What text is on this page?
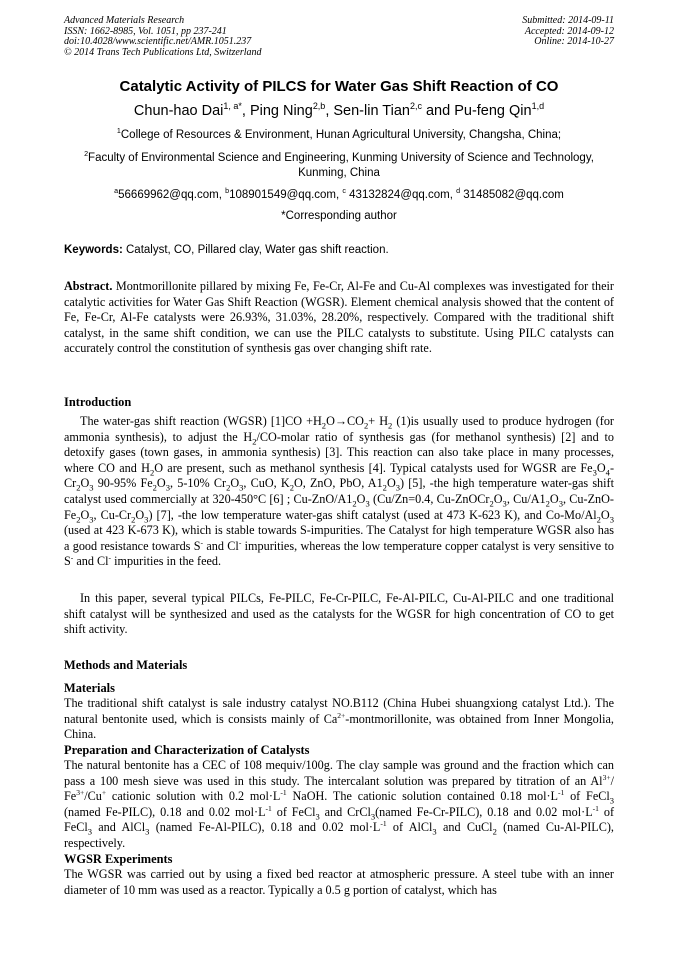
Advanced Materials Research
ISSN: 1662-8985, Vol. 1051, pp 237-241
doi:10.4028/www.scientific.net/AMR.1051.237
© 2014 Trans Tech Publications Ltd, Switzerland
Submitted: 2014-09-11
Accepted: 2014-09-12
Online: 2014-10-27
Catalytic Activity of PILCS for Water Gas Shift Reaction of CO
Chun-hao Dai$^{1, a*}$, Ping Ning$^{2,b}$, Sen-lin Tian$^{2,c}$ and Pu-feng Qin$^{1,d}$
$^1$College of Resources & Environment, Hunan Agricultural University, Changsha, China;
$^2$Faculty of Environmental Science and Engineering, Kunming University of Science and Technology, Kunming, China
$^a$56669962@qq.com, $^b$108901549@qq.com, $^c$ 43132824@qq.com, $^d$ 31485082@qq.com
*Corresponding author
Keywords: Catalyst, CO, Pillared clay, Water gas shift reaction.
Abstract. Montmorillonite pillared by mixing Fe, Fe-Cr, Al-Fe and Cu-Al complexes was investigated for their catalytic activities for Water Gas Shift Reaction (WGSR). Element chemical analysis showed that the content of Fe, Fe-Cr, Al-Fe catalysts were 26.93%, 31.03%, 28.20%, respectively. Compared with the traditional shift catalyst, in the same shift condition, we can use the PILC catalysts to substitute. Using PILC catalysts can accurately control the constitution of synthesis gas over changing shift rate.
Introduction
The water-gas shift reaction (WGSR) $[1]CO +H_2O\to CO_2+ H_2$ (1)is usually used to produce hydrogen (for ammonia synthesis), to adjust the $H_2/CO$-molar ratio of synthesis gas (for methanol synthesis) [2] and to detoxify gases (town gases, in ammonia synthesis) [3]. This reaction can also take place in many processes, where CO and $H_2O$ are present, such as methanol synthesis [4]. Typical catalysts used for WGSR are $Fe_3O_4-Cr_2O_3$ 90-95% $Fe_2O_3$, 5-10% $Cr_2O_3$, CuO, $K_2O$, ZnO, PbO, $A1_2O_3$) [5], -the high temperature water-gas shift catalyst used commercially at 320-450°C [6] ; $Cu-ZnO/A1_2O_3$ (Cu/Zn=0.4, $Cu-ZnOCr_2O_3$, $Cu/A1_2O_3$, $Cu-ZnO-Fe_2O_3$, $Cu-Cr_2O_3$) [7], -the low temperature water-gas shift catalyst (used at 473 K-623 K), and $Co-Mo/Al_2O_3$ (used at 423 K-673 K), which is stable towards S-impurities. The Catalyst for high temperature WGSR also has a good resistance towards S- and Cl- impurities, whereas the low temperature copper catalyst is very sensitive to S- and Cl- impurities in the feed.
In this paper, several typical PILCs, Fe-PILC, Fe-Cr-PILC, Fe-Al-PILC, Cu-Al-PILC and one traditional shift catalyst will be synthesized and used as the catalysts for the WGSR for high concentration of CO to get shift activity.
Methods and Materials
Materials
The traditional shift catalyst is sale industry catalyst NO.B112 (China Hubei shuangxiong catalyst Ltd.). The natural bentonite used, which is consists mainly of $Ca^{2+}$-montmorillonite, was obtained from Inner Mongolia, China.
Preparation and Characterization of Catalysts
The natural bentonite has a CEC of 108 mequiv/100g. The clay sample was ground and the fraction which can pass a 100 mesh sieve was used in this study. The intercalant solution was prepared by titration of an $Al^{3+}/$ $Fe^{3+}/Cu^+$ cationic solution with 0.2 $mol\cdot L^{-1}$ NaOH. The cationic solution contained 0.18 $mol\cdot L^{-1}$ of FeCl$_3$ (named Fe-PILC), 0.18 and 0.02 $mol\cdot L^{-1}$ of FeCl$_3$ and CrCl$_3$(named Fe-Cr-PILC), 0.18 and 0.02 $mol\cdot L^{-1}$ of FeCl$_3$ and AlCl$_3$ (named Fe-Al-PILC), 0.18 and 0.02 $mol\cdot L^{-1}$ of AlCl$_3$ and CuCl$_2$ (named Cu-Al-PILC), respectively.
WGSR Experiments
The WGSR was carried out by using a fixed bed reactor at atmospheric pressure. A steel tube with an inner diameter of 10 mm was used as a reactor. Typically a 0.5 g portion of catalyst, which has
